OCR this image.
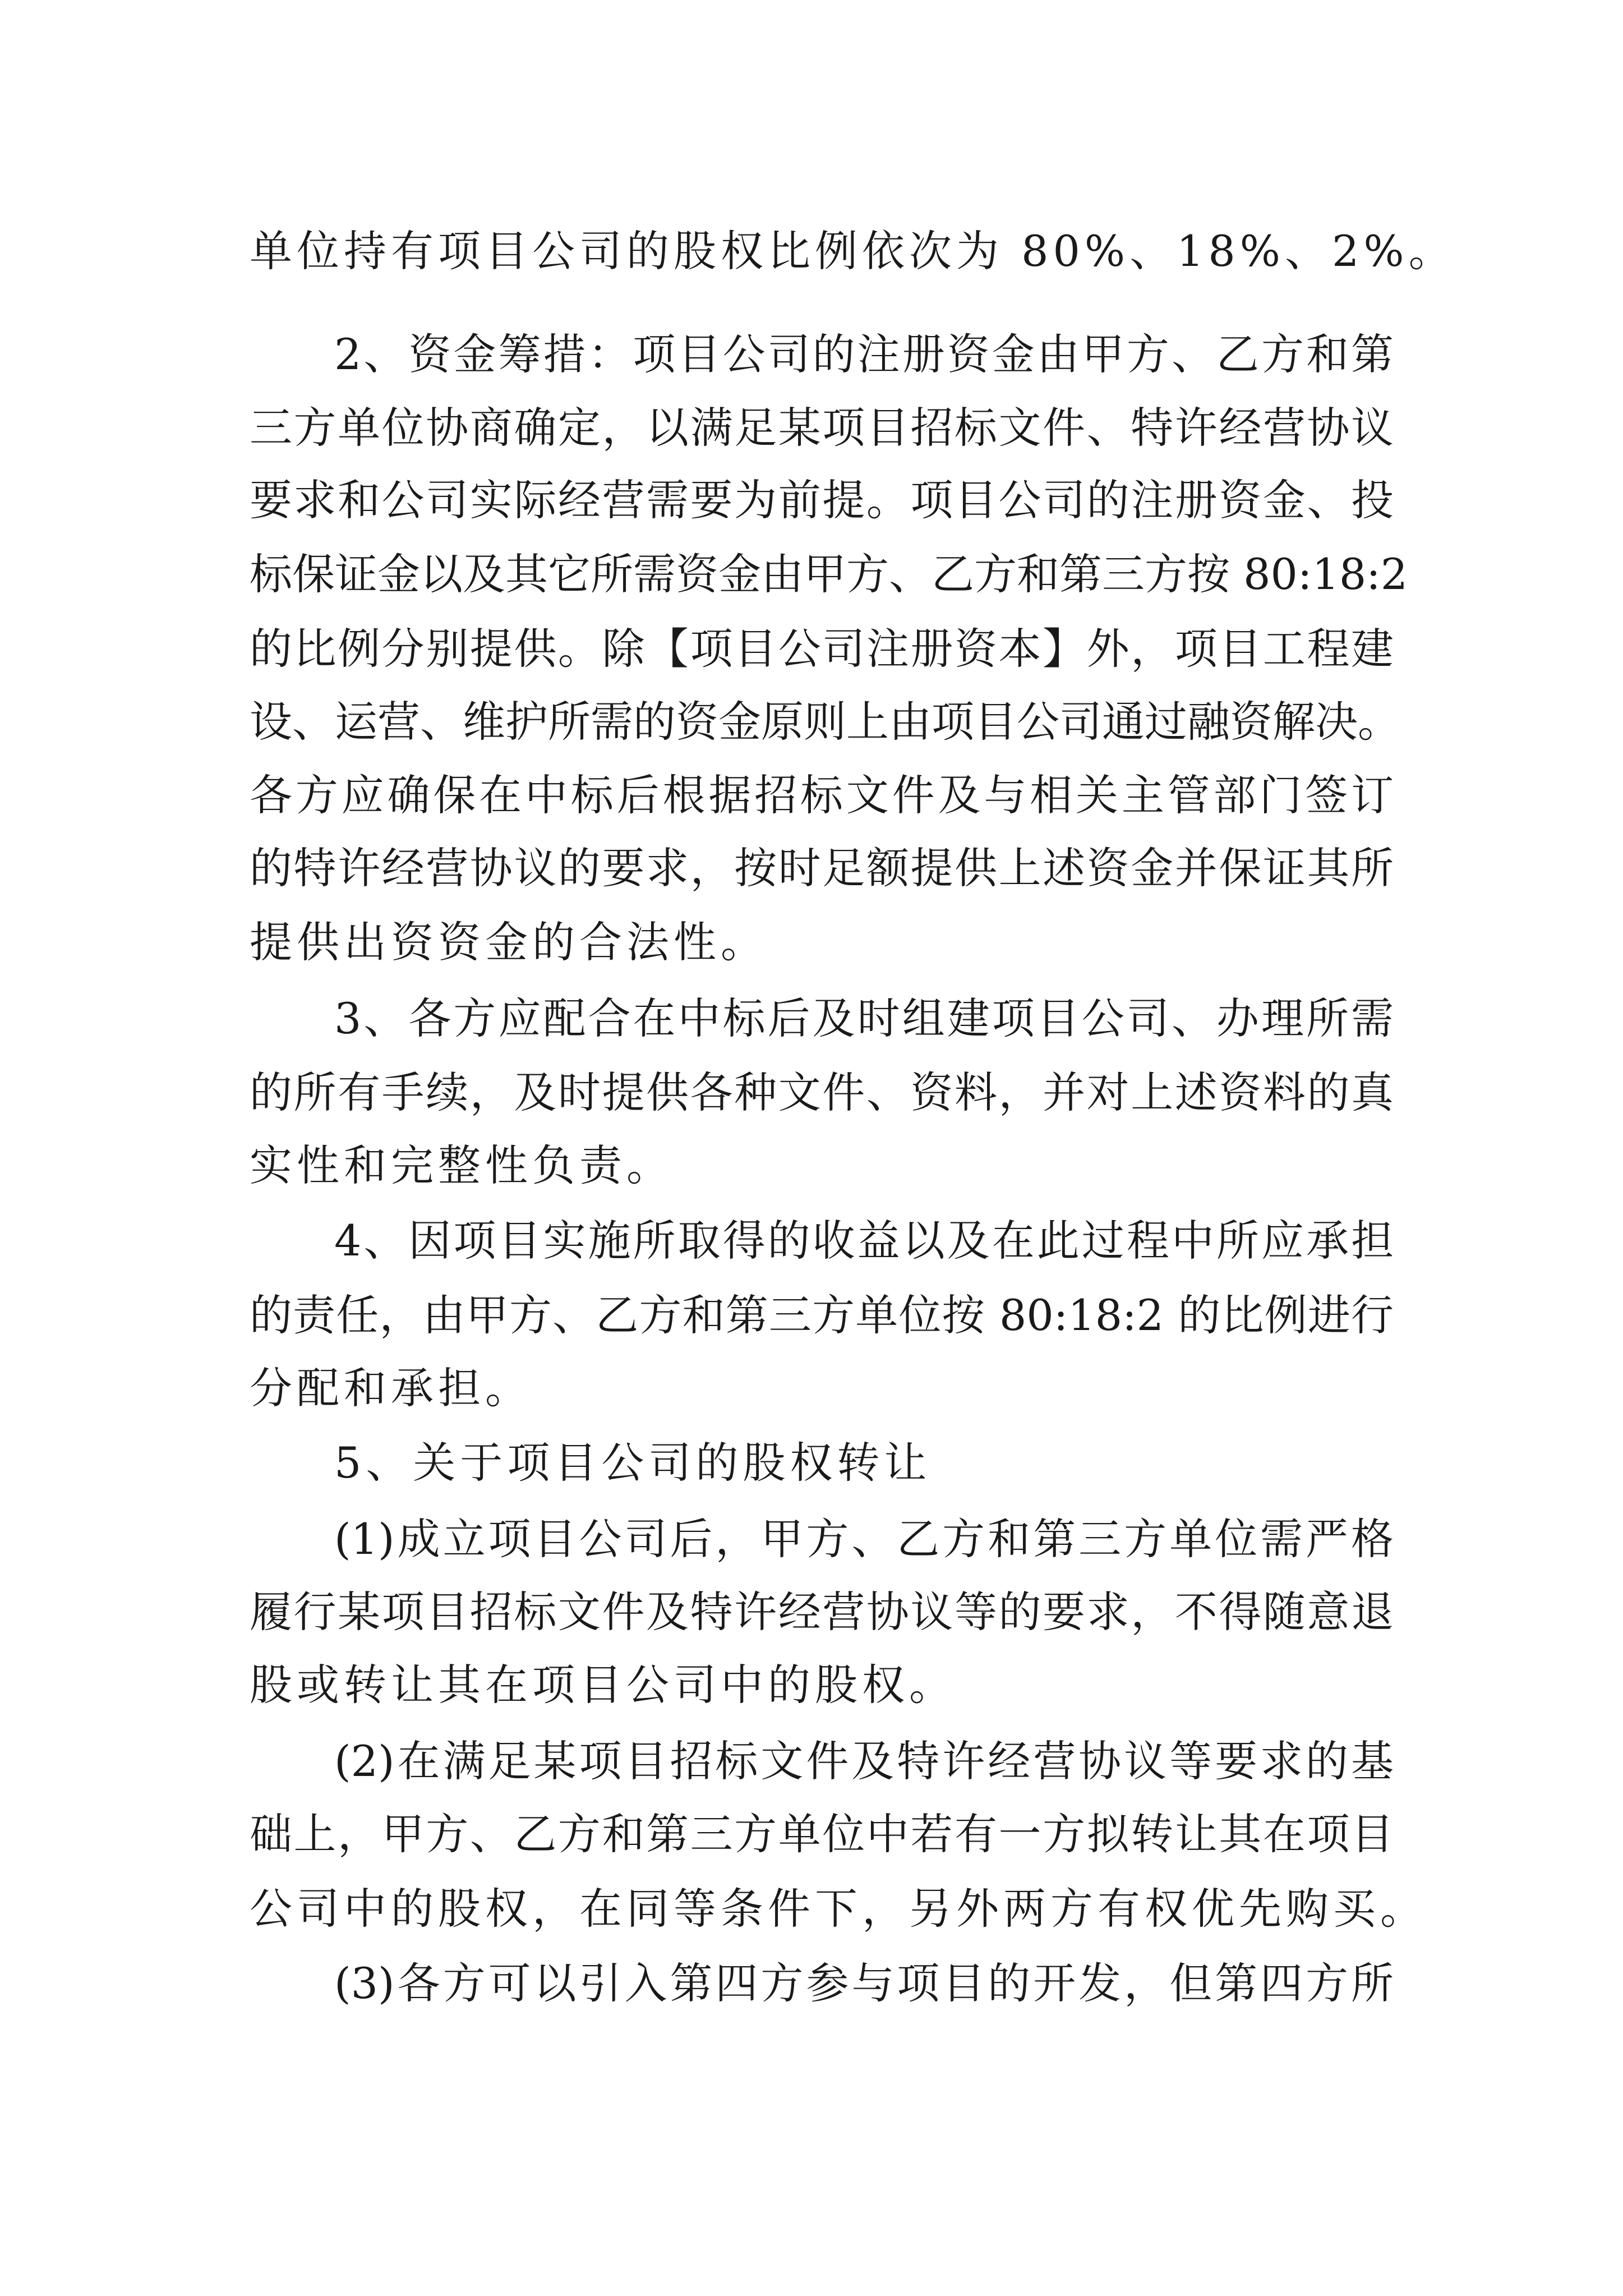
单位持有项目公司的股权比例依次为 80%、18%、2%。
2、资金筹措：项目公司的注册资金由甲方、乙方和第
三方单位协商确定，以满足某项目招标文件、特许经营协议
要求和公司实际经营需要为前提。项目公司的注册资金、投
标保证金以及其它所需资金由甲方、乙方和第三方按 80:18:2
的比例分别提供。除【项目公司注册资本】外，项目工程建
设、运营、维护所需的资金原则上由项目公司通过融资解决。
各方应确保在中标后根据招标文件及与相关主管部门签订
的特许经营协议的要求，按时足额提供上述资金并保证其所
提供出资资金的合法性。
3、各方应配合在中标后及时组建项目公司、办理所需
的所有手续，及时提供各种文件、资料，并对上述资料的真
实性和完整性负责。
4、因项目实施所取得的收益以及在此过程中所应承担
的责任，由甲方、乙方和第三方单位按 80:18:2 的比例进行
分配和承担。
5、关于项目公司的股权转让
(1)成立项目公司后，甲方、乙方和第三方单位需严格
履行某项目招标文件及特许经营协议等的要求，不得随意退
股或转让其在项目公司中的股权。
(2)在满足某项目招标文件及特许经营协议等要求的基
础上，甲方、乙方和第三方单位中若有一方拟转让其在项目
公司中的股权，在同等条件下，另外两方有权优先购买。
(3)各方可以引入第四方参与项目的开发，但第四方所
